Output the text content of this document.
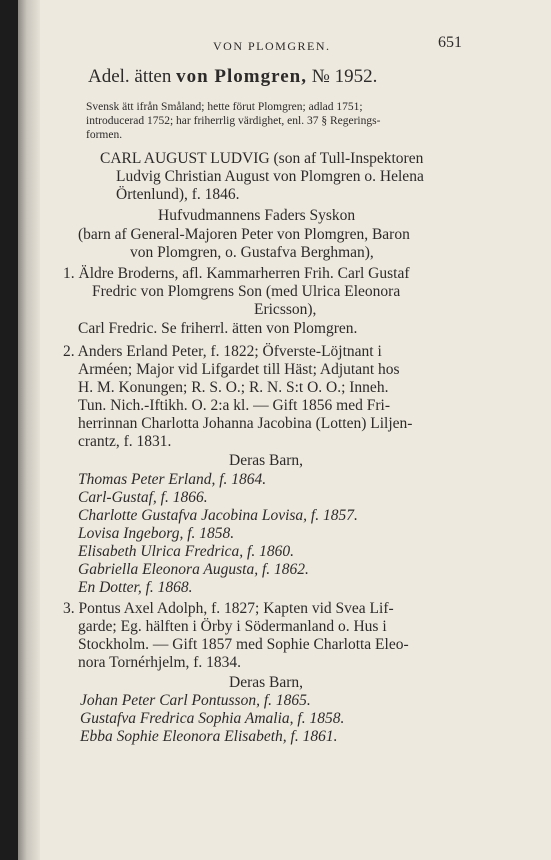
VON PLOMGREN.	651
Adel. ätten von Plomgren, № 1952.
Svensk ätt ifrån Småland; hette förut Plomgren; adlad 1751;
introducerad 1752; har friherrlig värdighet, enl. 37 § Regerings-
formen.
CARL AUGUST LUDVIG (son af Tull-Inspektoren
Ludvig Christian August von Plomgren o. Helena
Örtenlund), f. 1846.
Hufvudmannens Faders Syskon
(barn af General-Majoren Peter von Plomgren, Baron
von Plomgren, o. Gustafva Berghman),
1. Äldre Broderns, afl. Kammarherren Frih. Carl Gustaf
Fredric von Plomgrens Son (med Ulrica Eleonora
Ericsson),
Carl Fredric. Se friherrl. ätten von Plomgren.
2. Anders Erland Peter, f. 1822; Öfverste-Löjtnant i
Arméen; Major vid Lifgardet till Häst; Adjutant hos
H. M. Konungen; R. S. O.; R. N. S:t O. O.; Inneh.
Tun. Nich.-Iftikh. O. 2:a kl. — Gift 1856 med Fri-
herrinnan Charlotta Johanna Jacobina (Lotten) Liljen-
crantz, f. 1831.
Deras Barn,
Thomas Peter Erland, f. 1864.
Carl-Gustaf, f. 1866.
Charlotte Gustafva Jacobina Lovisa, f. 1857.
Lovisa Ingeborg, f. 1858.
Elisabeth Ulrica Fredrica, f. 1860.
Gabriella Eleonora Augusta, f. 1862.
En Dotter, f. 1868.
3. Pontus Axel Adolph, f. 1827; Kapten vid Svea Lif-
garde; Eg. hälften i Örby i Södermanland o. Hus i
Stockholm. — Gift 1857 med Sophie Charlotta Eleo-
nora Tornérhjelm, f. 1834.
Deras Barn,
Johan Peter Carl Pontusson, f. 1865.
Gustafva Fredrica Sophia Amalia, f. 1858.
Ebba Sophie Eleonora Elisabeth, f. 1861.
